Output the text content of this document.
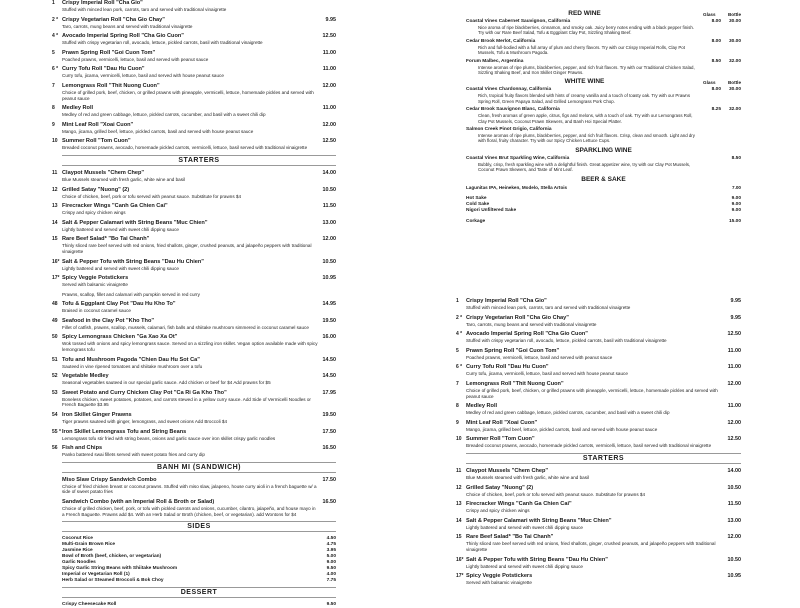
1 Crispy Imperial Roll "Cha Gio"
Stuffed with minced lean pork, carrots, taro and served with traditional vinaigrette
2 * Crispy Vegetarian Roll "Cha Gio Chay"
Taro, carrots, mung beans and served with traditional vinaigrette
9.95
4 * Avocado Imperial Spring Roll "Cha Gio Cuon"
Stuffed with crispy vegetarian roll, avocado, lettuce, pickled carrots, basil with traditional vinaigrette
12.50
5 Prawn Spring Roll "Goi Cuon Tom"
Poached prawns, vermicelli, lettuce, basil and served with peanut sauce
11.00
6 * Curry Tofu Roll "Dau Hu Cuon"
Curry tofu, jicama, vermicelli, lettuce, basil and served with house peanut sauce
11.00
7 Lemongrass Roll "Thit Nuong Cuon"
Choice of grilled pork, beef, chicken, or grilled prawns with pineapple, vermicelli, lettuce, homemade pickles and served with peanut sauce
12.00
8 Medley Roll
Medley of red and green cabbage, lettuce, pickled carrots, cucumber, and basil with a sweet chili dip
11.00
9 Mint Leaf Roll "Xoai Cuon"
Mango, jicama, grilled beef, lettuce, pickled carrots, basil and served with house peanut sauce
12.00
10 Summer Roll "Tom Cuon"
Breaded coconut prawns, avocado, homemade pickled carrots, vermicelli, lettuce, basil served with traditional vinaigrette
12.50
STARTERS
11 Claypot Mussels "Chem Chep"
Blue Mussels steamed with fresh garlic, white wine and basil
14.00
12 Grilled Satay "Nuong" (2)
Choice of chicken, beef, pork or tofu served with peanut sauce. Substitute for prawns $4
10.50
13 Firecracker Wings "Canh Ga Chien Cai"
Crispy and spicy chicken wings
11.50
14 Salt & Pepper Calamari with String Beans "Muc Chien"
Lightly battered and served with sweet chili dipping sauce
13.00
15 Rare Beef Salad* "Bo Tai Chanh"
Thinly sliced rare beef served with red onions, fried shallots, ginger, crushed peanuts, and jalapeño peppers with traditional vinaigrette
12.00
16* Salt & Pepper Tofu with String Beans "Dau Hu Chien"
Lightly battered and served with sweet chili dipping sauce
10.50
17* Spicy Veggie Potstickers
Served with balsamic vinaigrette
10.95
Prawns, scallop, fillet and calamari with pumpkin served in red curry
48 Tofu & Eggplant Clay Pot "Dau Hu Kho To"
Braised in coconut caramel sauce
14.95
49 Seafood in the Clay Pot "Kho Tho"
Fillet of catfish, prawns, scallop, mussels, calamari, fish balls and shiitake mushroom simmered in coconut caramel sauce
19.50
50 Spicy Lemongrass Chicken "Ga Xao Xa Ot"
Wok tossed with onions and spicy lemongrass sauce. Served on a sizzling iron skillet. Vegan option available made with spicy lemongrass tofu
16.00
51 Tofu and Mushroom Pagoda "Chien Dau Hu Sot Ca"
Sauteed in vine ripened tomatoes and shiitake mushroom over a tofu
14.50
52 Vegetable Medley
Seasonal vegetables sauteed in our special garlic sauce. Add chicken or beef for $4 Add prawns for $5
14.50
53 Sweet Potato and Curry Chicken Clay Pot "Ca Ri Ga Kho Tho"
Boneless chicken, sweet potatoes, potatoes, and carrots stewed in a yellow curry sauce. Add Side of Vermicelli Noodles or French Baguette $3.95
17.95
54 Iron Skillet Ginger Prawns
Tiger prawns sauteed with ginger, lemongrass, and sweet onions Add Broccoli $4
19.50
55 * Iron Skillet Lemongrass Tofu and String Beans
Lemongrass tofu stir fried with string beans, onions and garlic sauce over iron skillet crispy garlic noodles
17.50
56 Fish and Chips
Panko battered swai fillets served with sweet potato fries and curry dip
16.50
BANH MI (SANDWICH)
Miso Slaw Crispy Sandwich Combo
Choice of fried chicken breast or coconut prawns. Stuffed with miso slaw, jalapeno, house curry aioli in a french baguette w/ a side of sweet potato fries
17.50
Sandwich Combo (with an Imperial Roll & Broth or Salad)
Choice of grilled chicken, beef, pork, or tofu with pickled carrots and onions, cucumber, cilantro, jalapeño, and house mayo in a French Baguette. Prawns add $4. With an Herb Salad or Broth (chicken, beef, or vegetarian). add Wontons for $4
16.50
SIDES
Coconut Rice	4.50
Multi-Grain Brown Rice	4.75
Jasmine Rice	3.95
Bowl of Broth (beef, chicken, or vegetarian)	5.00
Garlic Noodles	9.00
Spicy Garlic String Beans with Shiitake Mushroom	9.50
Imperial or Vegetarian Roll (1)	4.00
Herb Salad or Steamed Broccoli & Bok Choy	7.75
DESSERT
Crispy Cheesecake Roll	9.50
RED WINE	Glass	Bottle
Coastal Vines Cabernet Sauvignon, California
Nice aroma of ripe blackberries, cinnamon, and smoky oak. Juicy berry notes ending with a black pepper finish. Try with our Rare Beef Salad, Tofu & Eggplant Clay Pot, Sizzling Shaking Beef.
8.00 30.00
Cedar Brook Merlot, California
Rich and full-bodied with a full array of plum and cherry flavors. Try with our Crispy Imperial Rolls, Clay Pot Mussels, Tofu & Mushroom Pagoda.
8.00 30.00
Forum Malbec, Argentina
Intense aromas of ripe plums, blackberries, pepper, and rich fruit flavors. Try with our Traditional Chicken Salad, Sizzling Shaking Beef, and Iron Skillet Ginger Prawns.
8.50 32.00
WHITE WINE	Glass	Bottle
Coastal Vines Chardonnay, California
Rich, tropical fruity flavors blended with hints of creamy vanilla and a touch of toasty oak. Try with our Prawns Spring Roll, Green Papaya Salad, and Grilled Lemongrass Pork Chop.
8.00 30.00
Cedar Brook Sauvignon Blanc, California
Clean, fresh aromas of green apple, citrus, figs and melons, with a touch of oak. Try with our Lemongrass Roll, Clay Pot Mussels, Coconut Prawn Skewers, and Banh Hoi Special Platter.
8.25 32.00
Salmon Creek Pinot Grigio, California
Intense aromas of ripe plums, blackberries, pepper, and rich fruit flavors. Crisp, clean and smooth. Light and dry with floral, fruity character. Try with our Spicy Chicken Lettuce Cups.
SPARKLING WINE
Coastal Vines Brut Sparkling Wine, California
Bubbly, crisp, fresh sparkling wine with a delightful finish. Great appetizer wine, try with our Clay Pot Mussels, Coconut Prawn Skewers, and Taste of Mint Leaf.
8.50
BEER & SAKE
Lagunitas IPA, Heineken, Modelo, Stella Artois	7.00
Hot Sake	9.00
Cold Sake	9.00
Nigori Unfiltered Sake	9.00
Corkage	15.00
1 Crispy Imperial Roll "Cha Gio"
Stuffed with minced lean pork, carrots, taro and served with traditional vinaigrette
9.95
2 * Crispy Vegetarian Roll "Cha Gio Chay"
Taro, carrots, mung beans and served with traditional vinaigrette
9.95
4 * Avocado Imperial Spring Roll "Cha Gio Cuon"
Stuffed with crispy vegetarian roll, avocado, lettuce, pickled carrots, basil with traditional vinaigrette
12.50
5 Prawn Spring Roll "Goi Cuon Tom"
Poached prawns, vermicelli, lettuce, basil and served with peanut sauce
11.00
6 * Curry Tofu Roll "Dau Hu Cuon"
Curry tofu, jicama, vermicelli, lettuce, basil and served with house peanut sauce
11.00
7 Lemongrass Roll "Thit Nuong Cuon"
Choice of grilled pork, beef, chicken, or grilled prawns with pineapple, vermicelli, lettuce, homemade pickles and served with peanut sauce
12.00
8 Medley Roll
Medley of red and green cabbage, lettuce, pickled carrots, cucumber, and basil with a sweet chili dip
11.00
9 Mint Leaf Roll "Xoai Cuon"
Mango, jicama, grilled beef, lettuce, pickled carrots, basil and served with house peanut sauce
12.00
10 Summer Roll "Tom Cuon"
Breaded coconut prawns, avocado, homemade pickled carrots, vermicelli, lettuce, basil served with traditional vinaigrette
12.50
STARTERS
11 Claypot Mussels "Chem Chep"
Blue Mussels steamed with fresh garlic, white wine and basil
14.00
12 Grilled Satay "Nuong" (2)
Choice of chicken, beef, pork or tofu served with peanut sauce. Substitute for prawns $4
10.50
13 Firecracker Wings "Canh Ga Chien Cai"
Crispy and spicy chicken wings
11.50
14 Salt & Pepper Calamari with String Beans "Muc Chien"
Lightly battered and served with sweet chili dipping sauce
13.00
15 Rare Beef Salad* "Bo Tai Chanh"
Thinly sliced rare beef served with red onions, fried shallots, ginger, crushed peanuts, and jalapeño peppers with traditional vinaigrette
12.00
16* Salt & Pepper Tofu with String Beans "Dau Hu Chien"
Lightly battered and served with sweet chili dipping sauce
10.50
17* Spicy Veggie Potstickers
Served with balsamic vinaigrette
10.95
